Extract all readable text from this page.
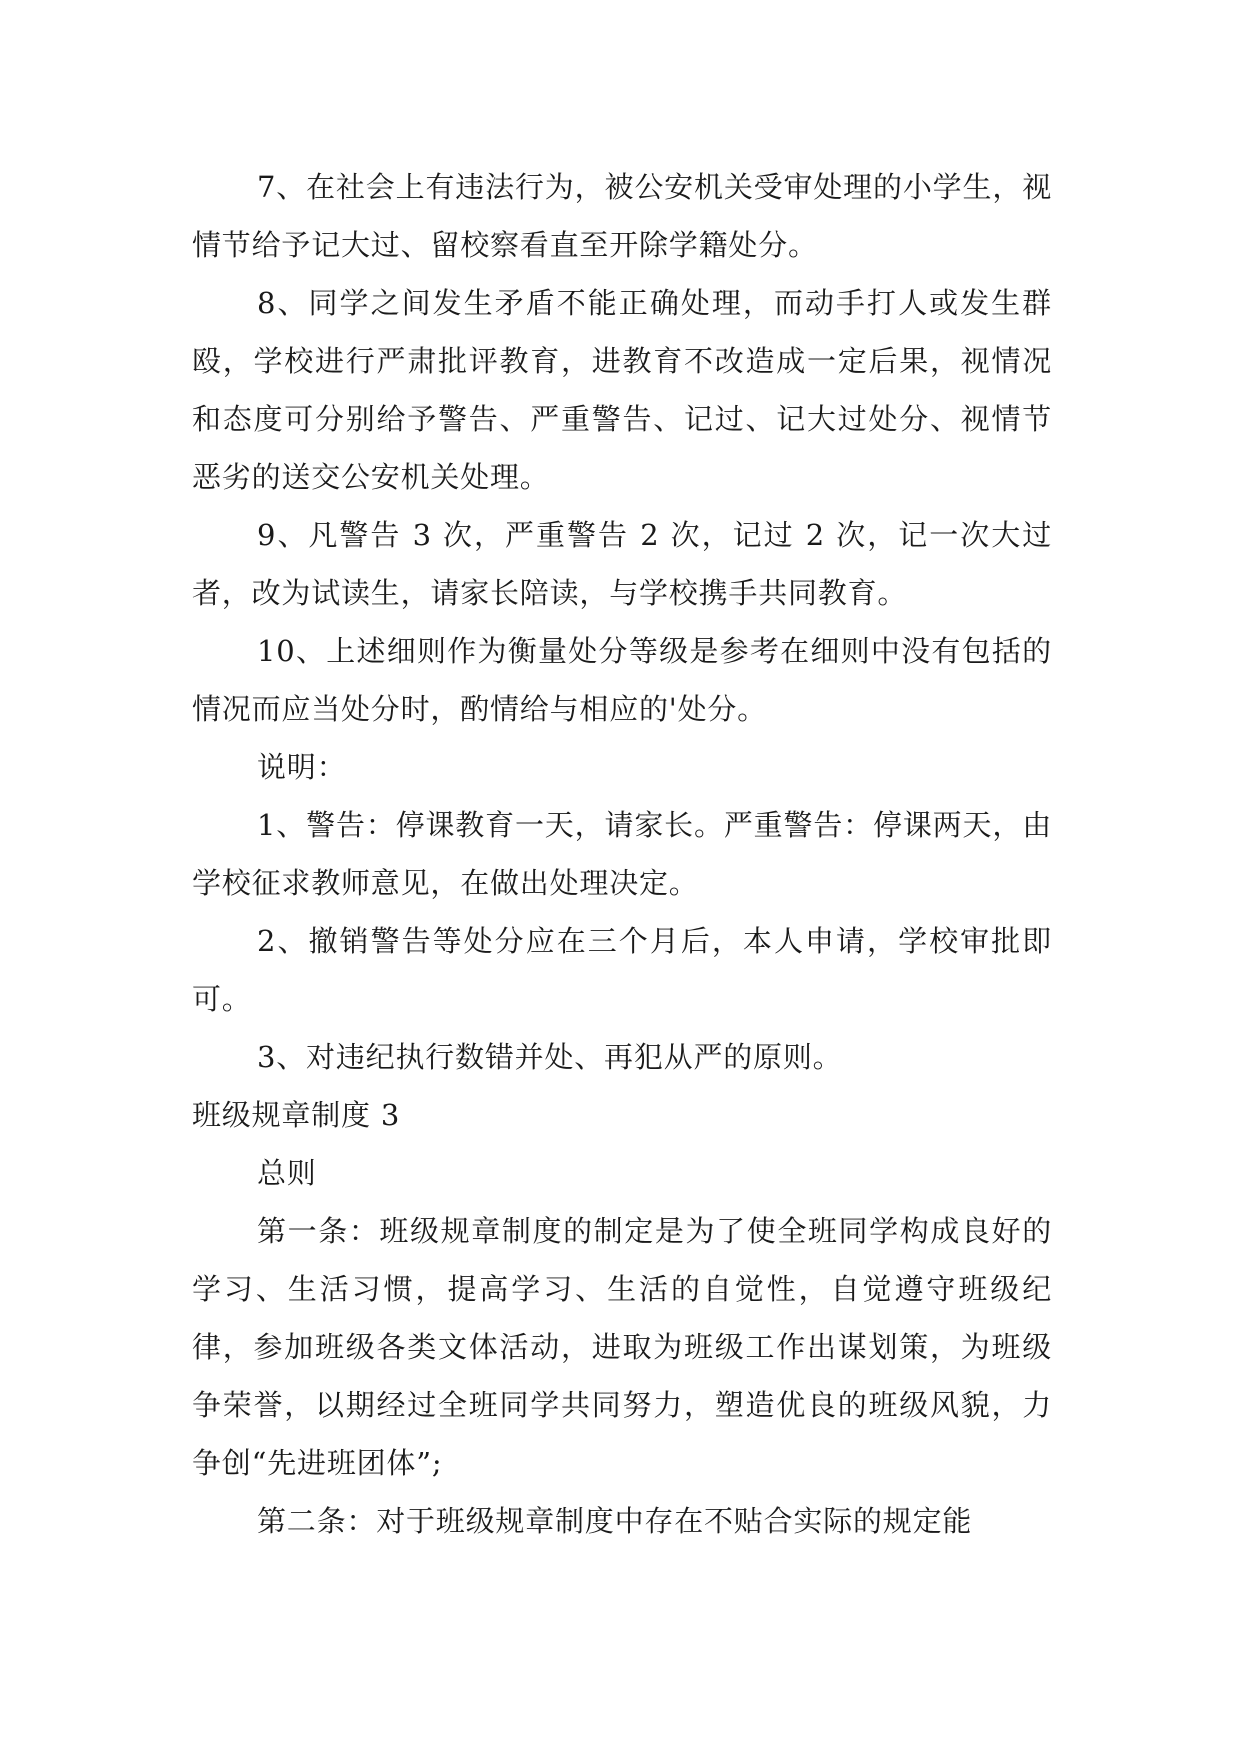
7、在社会上有违法行为，被公安机关受审处理的小学生，视情节给予记大过、留校察看直至开除学籍处分。

8、同学之间发生矛盾不能正确处理，而动手打人或发生群殴，学校进行严肃批评教育，进教育不改造成一定后果，视情况和态度可分别给予警告、严重警告、记过、记大过处分、视情节恶劣的送交公安机关处理。

9、凡警告 3 次，严重警告 2 次，记过 2 次，记一次大过者，改为试读生，请家长陪读，与学校携手共同教育。

10、上述细则作为衡量处分等级是参考在细则中没有包括的情况而应当处分时，酌情给与相应的'处分。

说明：

1、警告：停课教育一天，请家长。严重警告：停课两天，由学校征求教师意见，在做出处理决定。

2、撤销警告等处分应在三个月后，本人申请，学校审批即可。

3、对违纪执行数错并处、再犯从严的原则。

班级规章制度 3

总则

第一条：班级规章制度的制定是为了使全班同学构成良好的学习、生活习惯，提高学习、生活的自觉性，自觉遵守班级纪律，参加班级各类文体活动，进取为班级工作出谋划策，为班级争荣誉，以期经过全班同学共同努力，塑造优良的班级风貌，力争创“先进班团体”;

第二条：对于班级规章制度中存在不贴合实际的规定能
